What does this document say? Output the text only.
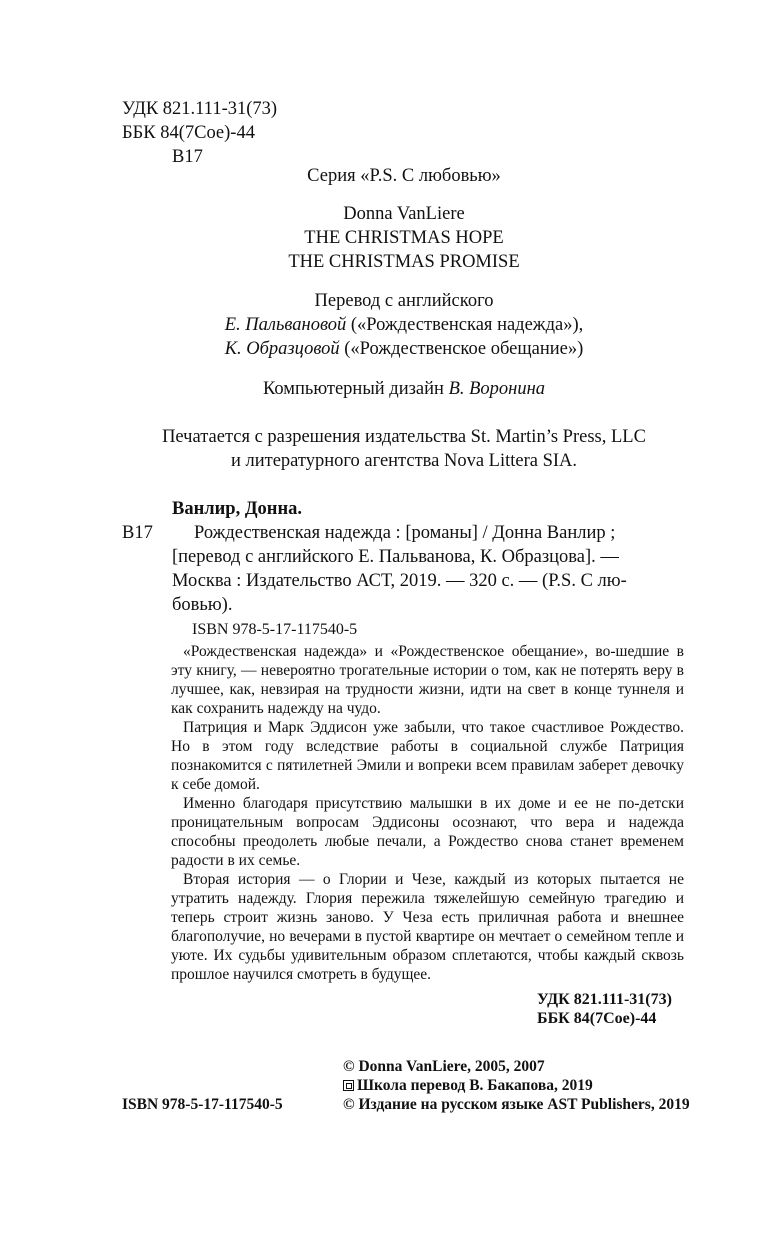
УДК 821.111-31(73)
ББК 84(7Сое)-44
В17
Серия «P.S. С любовью»
Donna VanLiere
THE CHRISTMAS HOPE
THE CHRISTMAS PROMISE
Перевод с английского
Е. Пальвановой («Рождественская надежда»),
К. Образцовой («Рождественское обещание»)
Компьютерный дизайн В. Воронина
Печатается с разрешения издательства St. Martin’s Press, LLC
и литературного агентства Nova Littera SIA.
Ванлир, Донна.
В17 Рождественская надежда : [романы] / Донна Ванлир ;
[перевод с английского Е. Пальванова, К. Образцова]. —
Москва : Издательство АСТ, 2019. — 320 с. — (P.S. С лю-
бовью).
ISBN 978-5-17-117540-5

«Рождественская надежда» и «Рождественское обещание», во-шедшие в эту книгу, — невероятно трогательные истории о том, как не потерять веру в лучшее, как, невзирая на трудности жизни, идти на свет в конце туннеля и как сохранить надежду на чудо.

Патриция и Марк Эддисон уже забыли, что такое счастливое Рождество. Но в этом году вследствие работы в социальной службе Патриция познакомится с пятилетней Эмили и вопреки всем правилам заберет девочку к себе домой.

Именно благодаря присутствию малышки в их доме и ее не по-детски проницательным вопросам Эддисоны осознают, что вера и надежда способны преодолеть любые печали, а Рождество снова станет временем радости в их семье.

Вторая история — о Глории и Чезе, каждый из которых пытается не утратить надежду. Глория пережила тяжелейшую семейную трагедию и теперь строит жизнь заново. У Чеза есть приличная работа и внешнее благополучие, но вечерами в пустой квартире он мечтает о семейном тепле и уюте. Их судьбы удивительным образом сплетаются, чтобы каждый сквозь прошлое научился смотреть в будущее.

УДК 821.111-31(73)
ББК 84(7Сое)-44
© Donna VanLiere, 2005, 2007
Школа перевод В. Бакапова, 2019
ISBN 978-5-17-117540-5	© Издание на русском языке AST Publishers, 2019
